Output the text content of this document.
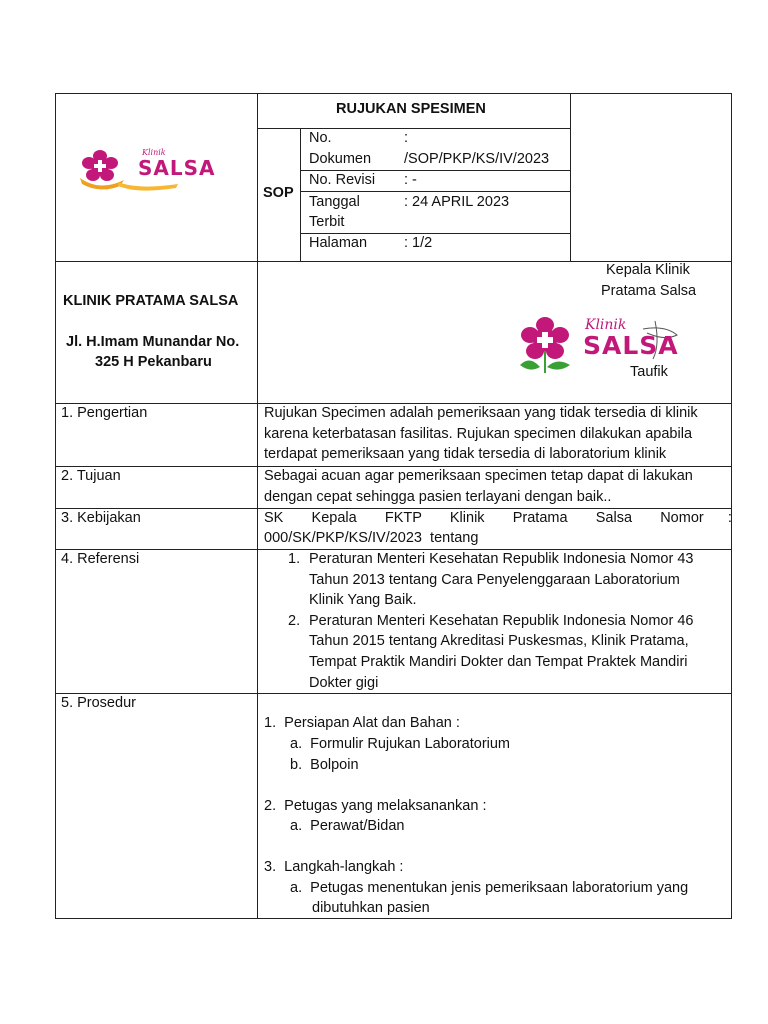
Klinik
SALSA
RUJUKAN SPESIMEN
SOP
No.	:
Dokumen /SOP/PKP/KS/IV/2023
No. Revisi : -
Tanggal	: 24 APRIL 2023
Terbit
Halaman	: 1/2
KLINIK PRATAMA SALSA
Jl. H.Imam Munandar No.
325 H Pekanbaru
Kepala Klinik
Pratama Salsa
Klinik
SALSA
Taufik
1. Pengertian	Rujukan Specimen adalah pemeriksaan yang tidak tersedia di klinik
karena keterbatasan fasilitas. Rujukan specimen dilakukan apabila
terdapat pemeriksaan yang tidak tersedia di laboratorium klinik
2. Tujuan	Sebagai acuan agar pemeriksaan specimen tetap dapat di lakukan
dengan cepat sehingga pasien terlayani dengan baik..
3. Kebijakan	SK       Kepala       FKTP       Klinik       Pratama       Salsa       Nomor      :
000/SK/PKP/KS/IV/2023  tentang
4. Referensi	1. Peraturan Menteri Kesehatan Republik Indonesia Nomor 43
Tahun 2013 tentang Cara Penyelenggaraan Laboratorium
Klinik Yang Baik.
2. Peraturan Menteri Kesehatan Republik Indonesia Nomor 46
Tahun 2015 tentang Akreditasi Puskesmas, Klinik Pratama,
Tempat Praktik Mandiri Dokter dan Tempat Praktek Mandiri
Dokter gigi
5. Prosedur
1.  Persiapan Alat dan Bahan :
a.  Formulir Rujukan Laboratorium
b.  Bolpoin
2.  Petugas yang melaksanankan :
a.  Perawat/Bidan
3.  Langkah-langkah :
a.  Petugas menentukan jenis pemeriksaan laboratorium yang
dibutuhkan pasien
